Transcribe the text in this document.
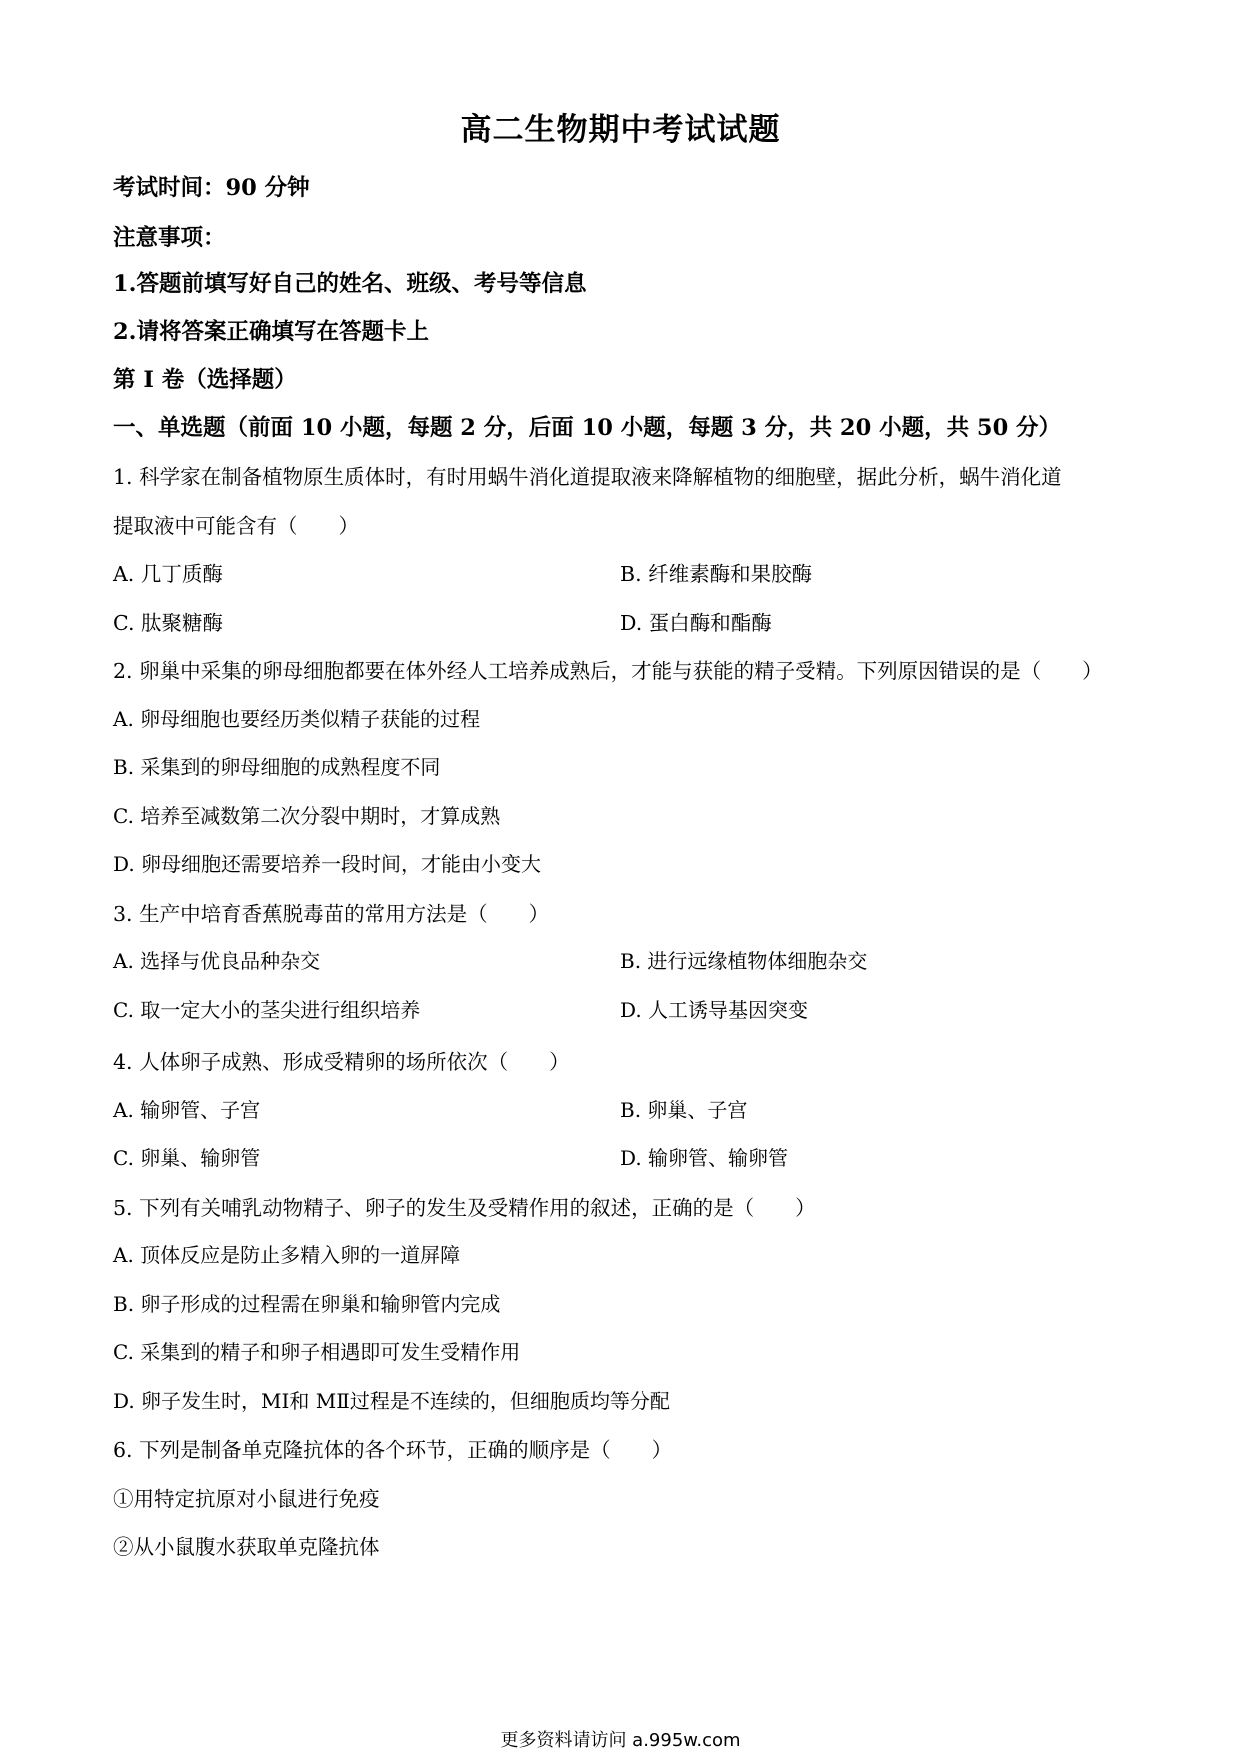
高二生物期中考试试题
考试时间：90 分钟
注意事项：
1.答题前填写好自己的姓名、班级、考号等信息
2.请将答案正确填写在答题卡上
第 I 卷（选择题）
一、单选题（前面 10 小题，每题 2 分，后面 10 小题，每题 3 分，共 20 小题，共 50 分）
1. 科学家在制备植物原生质体时，有时用蜗牛消化道提取液来降解植物的细胞壁，据此分析，蜗牛消化道
提取液中可能含有（　　）
A. 几丁质酶	B. 纤维素酶和果胶酶
C. 肽聚糖酶	D. 蛋白酶和酯酶
2. 卵巢中采集的卵母细胞都要在体外经人工培养成熟后，才能与获能的精子受精。下列原因错误的是（　　）
A. 卵母细胞也要经历类似精子获能的过程
B. 采集到的卵母细胞的成熟程度不同
C. 培养至减数第二次分裂中期时，才算成熟
D. 卵母细胞还需要培养一段时间，才能由小变大
3. 生产中培育香蕉脱毒苗的常用方法是（　　）
A. 选择与优良品种杂交	B. 进行远缘植物体细胞杂交
C. 取一定大小的茎尖进行组织培养	D. 人工诱导基因突变
4. 人体卵子成熟、形成受精卵的场所依次（　　）
A. 输卵管、子宫	B. 卵巢、子宫
C. 卵巢、输卵管	D. 输卵管、输卵管
5. 下列有关哺乳动物精子、卵子的发生及受精作用的叙述，正确的是（　　）
A. 顶体反应是防止多精入卵的一道屏障
B. 卵子形成的过程需在卵巢和输卵管内完成
C. 采集到的精子和卵子相遇即可发生受精作用
D. 卵子发生时，MⅠ和 MⅡ过程是不连续的，但细胞质均等分配
6. 下列是制备单克隆抗体的各个环节，正确的顺序是（　　）
①用特定抗原对小鼠进行免疫
②从小鼠腹水获取单克隆抗体
更多资料请访问 a.995w.com
